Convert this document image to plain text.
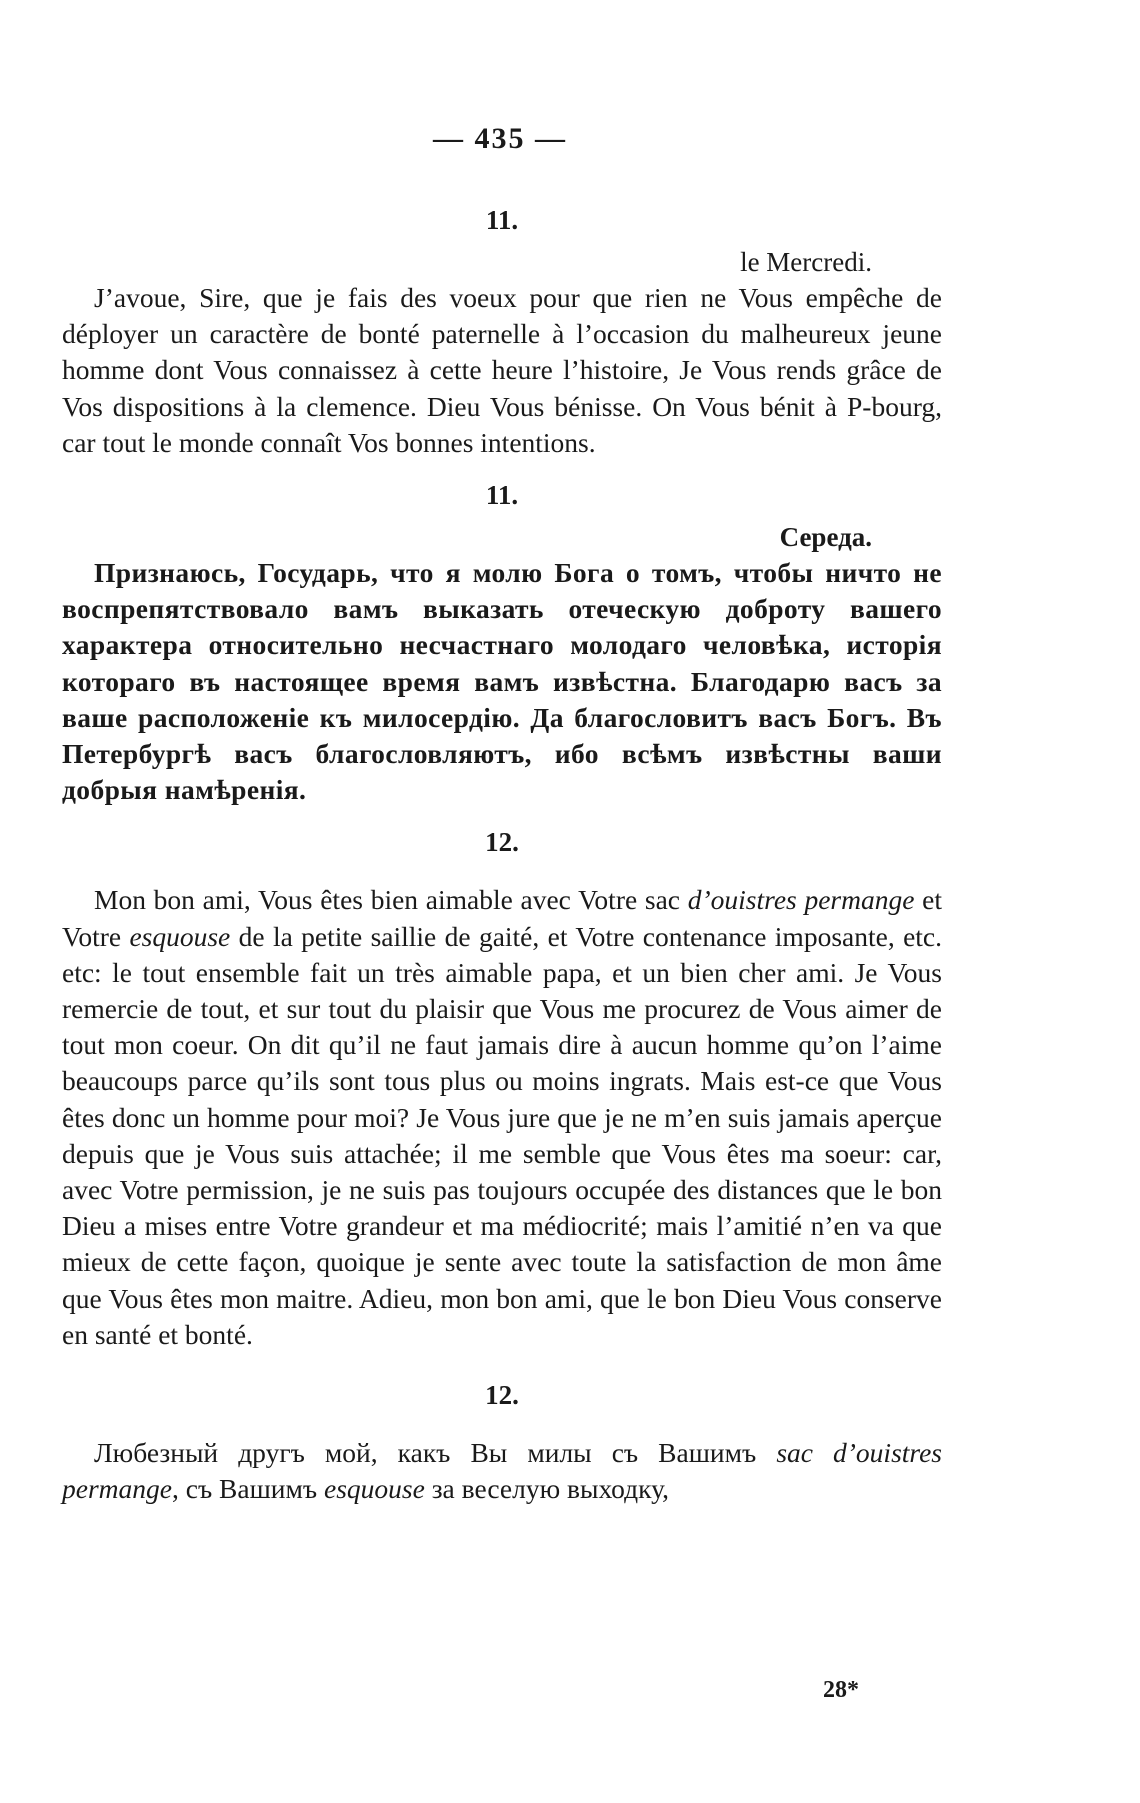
— 435 —
11.
le Mercredi.

J’avoue, Sire, que je fais des voeux pour que rien ne Vous empêche de déployer un caractère de bonté paternelle à l’occasion du malheureux jeune homme dont Vous connaissez à cette heure l’histoire, Je Vous rends grâce de Vos dispositions à la clemence. Dieu Vous bénisse. On Vous bénit à P-bourg, car tout le monde connaît Vos bonnes intentions.

11.
Середа.

Признаюсь, Государь, что я молю Бога о томъ, чтобы ничто не воспрепятствовало вамъ выказать отеческую доброту вашего характера относительно несчастнаго молодаго человѣка, исторія котораго въ настоящее время вамъ извѣстна. Благодарю васъ за ваше расположеніе къ милосердію. Да благословитъ васъ Богъ. Въ Петербургѣ васъ благословляютъ, ибо всѣмъ извѣстны ваши добрыя намѣренія.

12.

Mon bon ami, Vous êtes bien aimable avec Votre sac d’ouistres permange et Votre esquouse de la petite saillie de gaité, et Votre contenance imposante, etc. etc: le tout ensemble fait un très aimable papa, et un bien cher ami. Je Vous remercie de tout, et sur tout du plaisir que Vous me procurez de Vous aimer de tout mon coeur. On dit qu’il ne faut jamais dire à aucun homme qu’on l’aime beaucoups parce qu’ils sont tous plus ou moins ingrats. Mais est-ce que Vous êtes donc un homme pour moi? Je Vous jure que je ne m’en suis jamais aperçue depuis que je Vous suis attachée; il me semble que Vous êtes ma soeur: car, avec Votre permission, je ne suis pas toujours occupée des distances que le bon Dieu a mises entre Votre grandeur et ma médiocrité; mais l’amitié n’en va que mieux de cette façon, quoique je sente avec toute la satisfaction de mon âme que Vous êtes mon maitre. Adieu, mon bon ami, que le bon Dieu Vous conserve en santé et bonté.

12.

Любезный другъ мой, какъ Вы милы съ Вашимъ sac d’ouistres permange, съ Вашимъ esquouse за веселую выходку,

28*
